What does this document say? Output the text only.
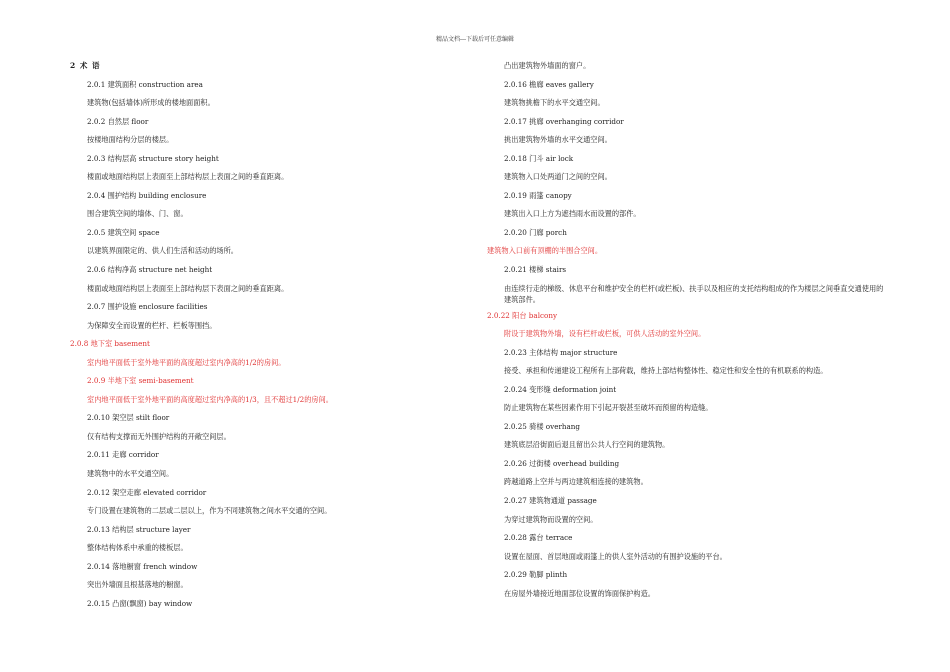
精品文档---下载后可任意编辑
2 术 语
2.0.1 建筑面积 construction area
建筑物(包括墙体)所形成的楼地面面积。
2.0.2 自然层 floor
按楼地面结构分层的楼层。
2.0.3 结构层高 structure story height
楼面或地面结构层上表面至上部结构层上表面之间的垂直距离。
2.0.4 围护结构 building enclosure
围合建筑空间的墙体、门、窗。
2.0.5 建筑空间 space
以建筑界面限定的、供人们生活和活动的场所。
2.0.6 结构净高 structure net height
楼面或地面结构层上表面至上部结构层下表面之间的垂直距离。
2.0.7 围护设施 enclosure facilities
为保障安全而设置的栏杆、栏板等围挡。
2.0.8 地下室 basement
室内地平面低于室外地平面的高度超过室内净高的1/2的房间。
2.0.9 半地下室 semi-basement
室内地平面低于室外地平面的高度超过室内净高的1/3，且不超过1/2的房间。
2.0.10 架空层 stilt floor
仅有结构支撑而无外围护结构的开敞空间层。
2.0.11 走廊 corridor
建筑物中的水平交通空间。
2.0.12 架空走廊 elevated corridor
专门设置在建筑物的二层或二层以上，作为不同建筑物之间水平交通的空间。
2.0.13 结构层 structure layer
整体结构体系中承重的楼板层。
2.0.14 落地橱窗 french window
突出外墙面且根基落地的橱窗。
2.0.15 凸窗(飘窗) bay window
凸出建筑物外墙面的窗户。
2.0.16 檐廊 eaves gallery
建筑物挑檐下的水平交通空间。
2.0.17 挑廊 overhanging corridor
挑出建筑物外墙的水平交通空间。
2.0.18 门斗 air lock
建筑物入口处两道门之间的空间。
2.0.19 雨篷 canopy
建筑出入口上方为遮挡雨水而设置的部件。
2.0.20 门廊 porch
建筑物入口前有顶棚的半围合空间。
2.0.21 楼梯 stairs
由连续行走的梯级、休息平台和维护安全的栏杆(或栏板)、扶手以及相应的支托结构组成的作为楼层之间垂直交通使用的建筑部件。
2.0.22 阳台 balcony
附设于建筑物外墙，设有栏杆或栏板，可供人活动的室外空间。
2.0.23 主体结构 major structure
接受、承担和传递建设工程所有上部荷载，维持上部结构整体性、稳定性和安全性的有机联系的构造。
2.0.24 变形缝 deformation joint
防止建筑物在某些因素作用下引起开裂甚至破坏而预留的构造缝。
2.0.25 骑楼 overhang
建筑底层沿街面后退且留出公共人行空间的建筑物。
2.0.26 过街楼 overhead building
跨越道路上空并与两边建筑相连接的建筑物。
2.0.27 建筑物通道 passage
为穿过建筑物而设置的空间。
2.0.28 露台 terrace
设置在屋面、首层地面或雨篷上的供人室外活动的有围护设施的平台。
2.0.29 勒脚 plinth
在房屋外墙接近地面部位设置的饰面保护构造。
